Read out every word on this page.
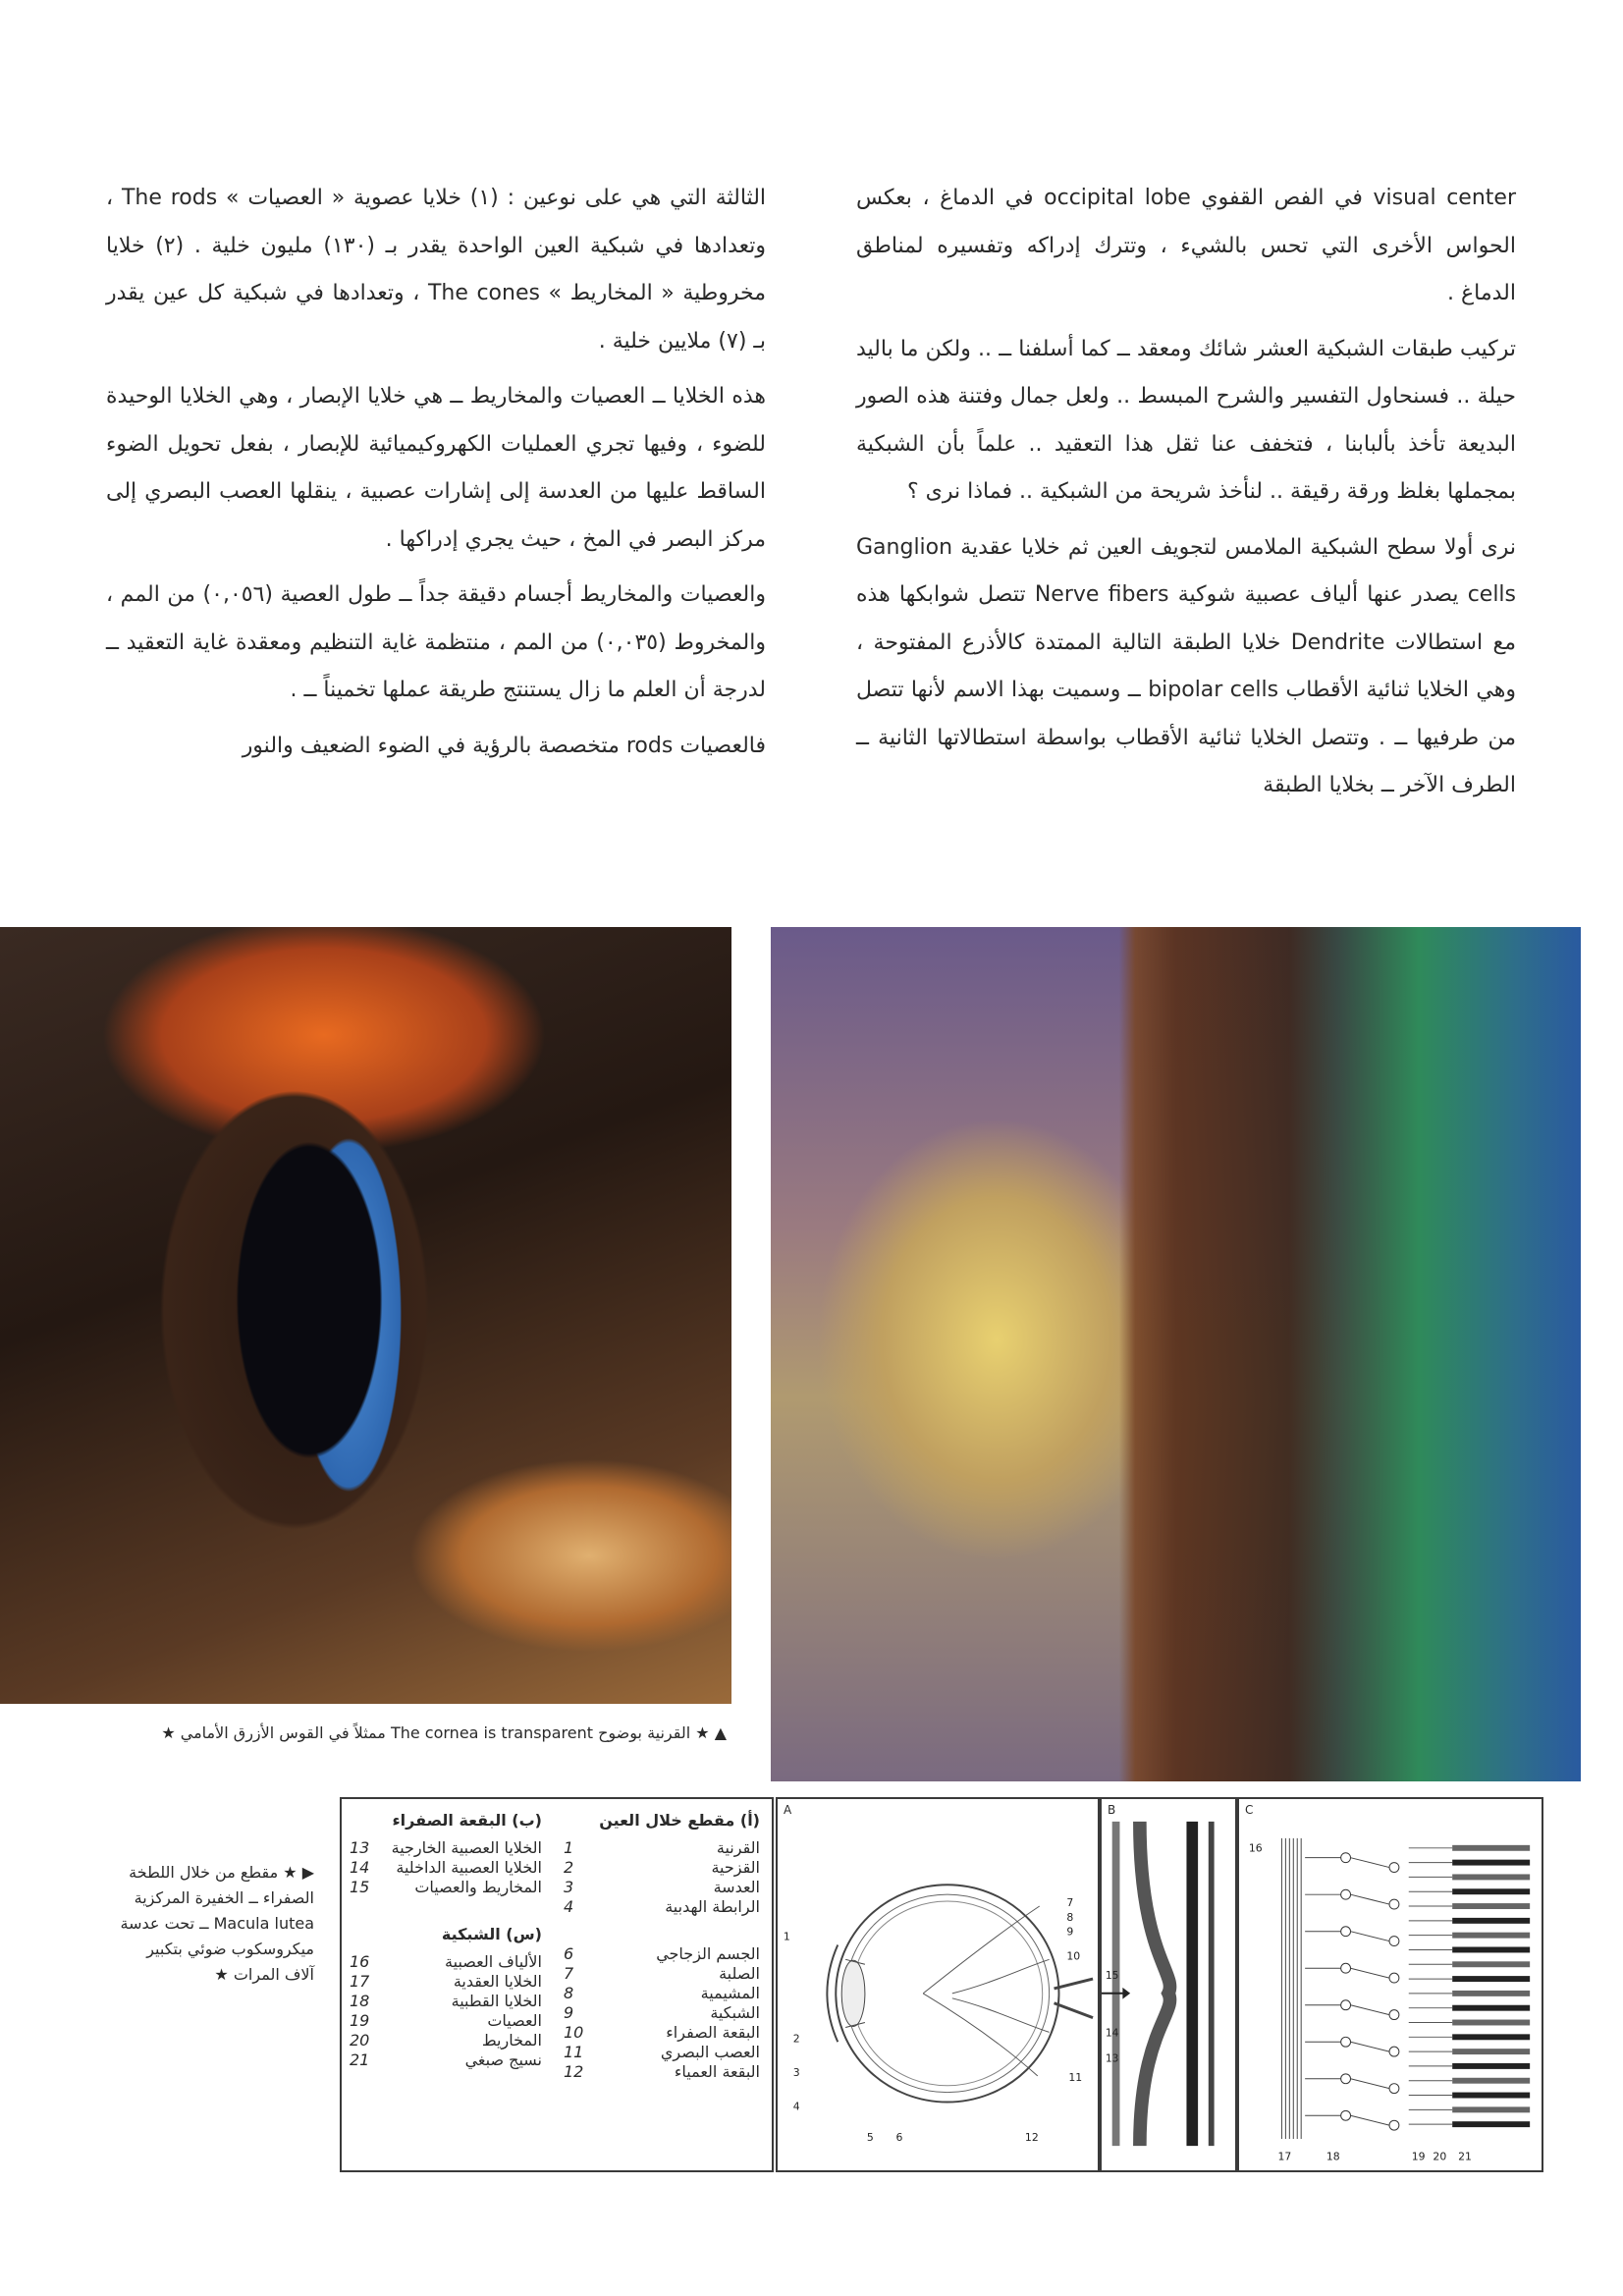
visual center في الفص القفوي occipital lobe في الدماغ ، بعكس الحواس الأخرى التي تحس بالشيء ، وتترك إدراكه وتفسيره لمناطق الدماغ .

تركيب طبقات الشبكية العشر شائك ومعقد ــ كما أسلفنا ــ .. ولكن ما باليد حيلة .. فسنحاول التفسير والشرح المبسط .. ولعل جمال وفتنة هذه الصور البديعة تأخذ بألبابنا ، فتخفف عنا ثقل هذا التعقيد .. علماً بأن الشبكية بمجملها بغلظ ورقة رقيقة .. لنأخذ شريحة من الشبكية .. فماذا نرى ؟

نرى أولا سطح الشبكية الملامس لتجويف العين ثم خلايا عقدية Ganglion cells يصدر عنها ألياف عصبية شوكية Nerve fibers تتصل شوابكها هذه مع استطالات Dendrite خلايا الطبقة التالية الممتدة كالأذرع المفتوحة ، وهي الخلايا ثنائية الأقطاب bipolar cells ــ وسميت بهذا الاسم لأنها تتصل من طرفيها ــ . وتتصل الخلايا ثنائية الأقطاب بواسطة استطالاتها الثانية ــ الطرف الآخر ــ بخلايا الطبقة

الثالثة التي هي على نوعين : (١) خلايا عصوية « العصيات » The rods ، وتعدادها في شبكية العين الواحدة يقدر بـ (١٣٠) مليون خلية . (٢) خلايا مخروطية « المخاريط » The cones ، وتعدادها في شبكية كل عين يقدر بـ (٧) ملايين خلية .

هذه الخلايا ــ العصيات والمخاريط ــ هي خلايا الإبصار ، وهي الخلايا الوحيدة للضوء ، وفيها تجري العمليات الكهروكيميائية للإبصار ، بفعل تحويل الضوء الساقط عليها من العدسة إلى إشارات عصبية ، ينقلها العصب البصري إلى مركز البصر في المخ ، حيث يجري إدراكها .

والعصيات والمخاريط أجسام دقيقة جداً ــ طول العصية (٠,٠٥٦) من المم ، والمخروط (٠,٠٣٥) من المم ، منتظمة غاية التنظيم ومعقدة غاية التعقيد ــ لدرجة أن العلم ما زال يستنتج طريقة عملها تخميناً ــ .

فالعصيات rods متخصصة بالرؤية في الضوء الضعيف والنور

▲ ★ القرنية بوضوح The cornea is transparent ممثلاً في القوس الأزرق الأمامي ★
▶ ★ مقطع من خلال اللطخة الصفراء ــ الخفيرة المركزية Macula lutea ــ تحت عدسة ميكروسكوب ضوئي بتكبير آلاف المرات ★
(أ) مقطع خلال العين
القرنية
1
القزحية
2
العدسة
3
الرابطة الهدبية
4
الجسم الزجاجي
6
الصلبة
7
المشيمية
8
الشبكية
9
البقعة الصفراء
10
العصب البصري
11
البقعة العمياء
12
(ب) البقعة الصفراء
الخلايا العصبية الخارجية
13
الخلايا العصبية الداخلية
14
المخاريط والعصيات
15
(س) الشبكية
الألياف العصبية
16
الخلايا العقدية
17
الخلايا القطبية
18
العصيات
19
المخاريط
20
نسيج صبغي
21
A
1
2
3
4
5 6
7
8
9
10
11
12
B
15
14
13
C
16
17	18	19 20 21
